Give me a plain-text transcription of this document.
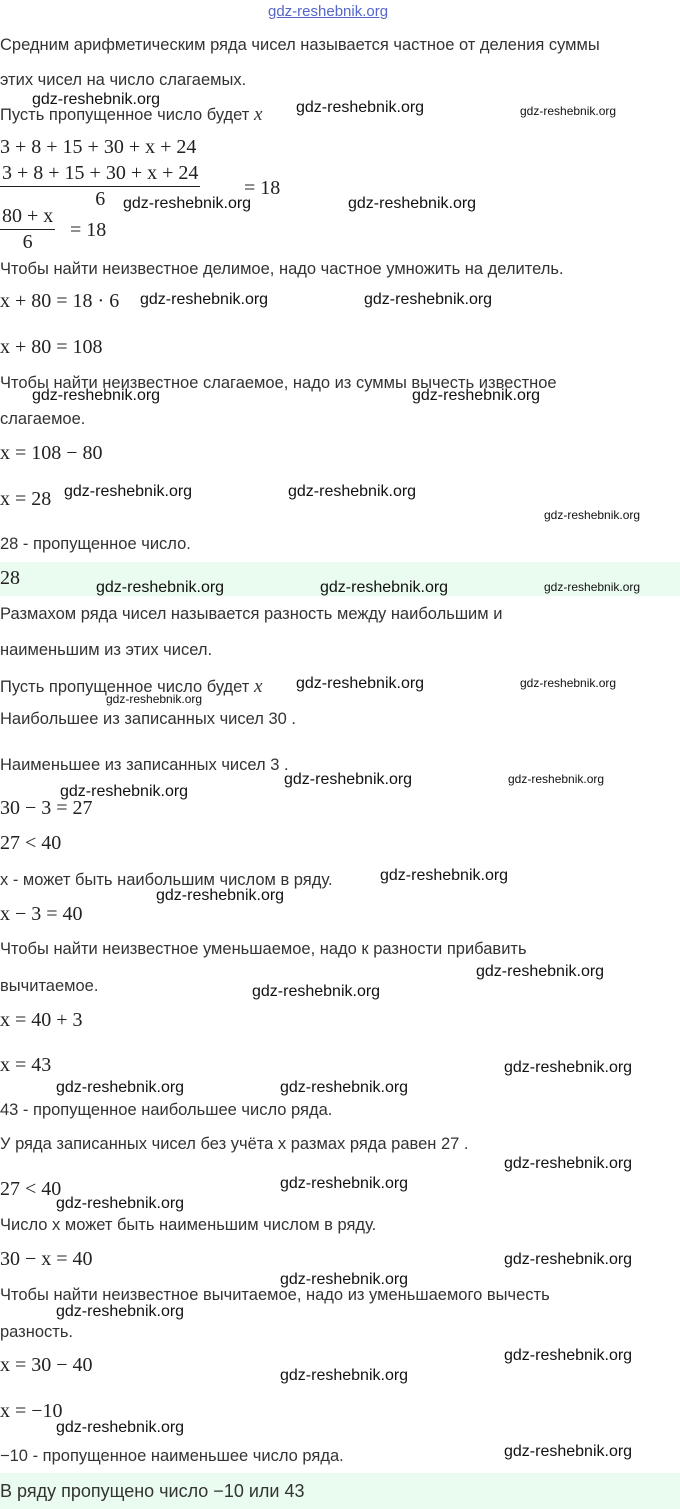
gdz-reshebnik.org
Средним арифметическим ряда чисел называется частное от деления суммы
этих чисел на число слагаемых.
Пусть пропущенное число будет x
3 + 8 + 15 + 30 + x + 24
3 + 8 + 15 + 30 + x + 24
6	= 18
80 + x
6
= 18
Чтобы найти неизвестное делимое, надо частное умножить на делитель.
x + 80 = 18 · 6
x + 80 = 108
Чтобы найти неизвестное слагаемое, надо из суммы вычесть известное
слагаемое.
x = 108 − 80
x = 28
28 - пропущенное число.
28
Размахом ряда чисел называется разность между наибольшим и
наименьшим из этих чисел.
Пусть пропущенное число будет x
Наибольшее из записанных чисел 30 .
Наименьшее из записанных чисел 3 .
30 − 3 = 27
27 < 40
x - может быть наибольшим числом в ряду.
x − 3 = 40
Чтобы найти неизвестное уменьшаемое, надо к разности прибавить
вычитаемое.
x = 40 + 3
x = 43
43 - пропущенное наибольшее число ряда.
У ряда записанных чисел без учёта x размах ряда равен 27 .
27 < 40
Число x может быть наименьшим числом в ряду.
30 − x = 40
Чтобы найти неизвестное вычитаемое, надо из уменьшаемого вычесть
разность.
x = 30 − 40
x = −10
−10 - пропущенное наименьшее число ряда.
В ряду пропущено число −10 или 43
gdz-reshebnik.org	gdz-reshebnik.org	gdz-reshebnik.org
gdz-reshebnik.org	gdz-reshebnik.org
gdz-reshebnik.org	gdz-reshebnik.org
gdz-reshebnik.org	gdz-reshebnik.org
gdz-reshebnik.org	gdz-reshebnik.org
gdz-reshebnik.org
gdz-reshebnik.org	gdz-reshebnik.org	gdz-reshebnik.org
gdz-reshebnik.org	gdz-reshebnik.org
gdz-reshebnik.org
gdz-reshebnik.org	gdz-reshebnik.org
gdz-reshebnik.org
gdz-reshebnik.org
gdz-reshebnik.org
gdz-reshebnik.org
gdz-reshebnik.org
gdz-reshebnik.org
gdz-reshebnik.org	gdz-reshebnik.org
gdz-reshebnik.org
gdz-reshebnik.org
gdz-reshebnik.org
gdz-reshebnik.org
gdz-reshebnik.org
gdz-reshebnik.org
gdz-reshebnik.org
gdz-reshebnik.org
gdz-reshebnik.org
gdz-reshebnik.org
